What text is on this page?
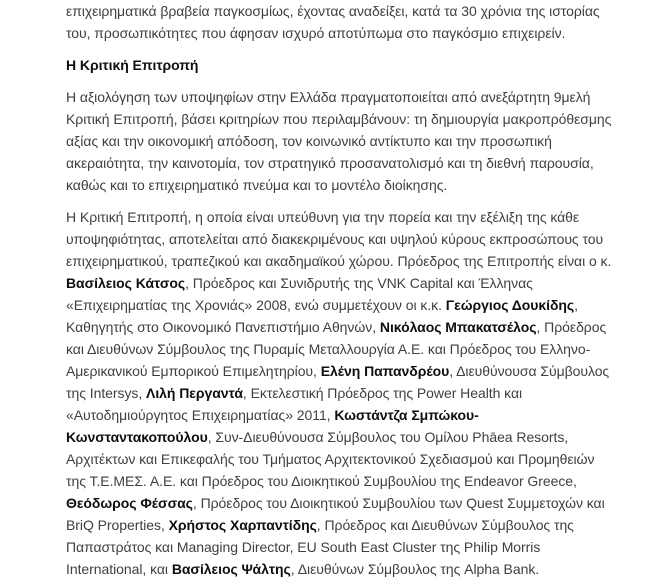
επιχειρηματικά βραβεία παγκοσμίως, έχοντας αναδείξει, κατά τα 30 χρόνια της ιστορίας του, προσωπικότητες που άφησαν ισχυρό αποτύπωμα στο παγκόσμιο επιχειρείν.

Η Κριτική Επιτροπή

Η αξιολόγηση των υποψηφίων στην Ελλάδα πραγματοποιείται από ανεξάρτητη 9μελή Κριτική Επιτροπή, βάσει κριτηρίων που περιλαμβάνουν: τη δημιουργία μακροπρόθεσμης αξίας και την οικονομική απόδοση, τον κοινωνικό αντίκτυπο και την προσωπική ακεραιότητα, την καινοτομία, τον στρατηγικό προσανατολισμό και τη διεθνή παρουσία, καθώς και το επιχειρηματικό πνεύμα και το μοντέλο διοίκησης.

Η Κριτική Επιτροπή, η οποία είναι υπεύθυνη για την πορεία και την εξέλιξη της κάθε υποψηφιότητας, αποτελείται από διακεκριμένους και υψηλού κύρους εκπροσώπους του επιχειρηματικού, τραπεζικού και ακαδημαϊκού χώρου. Πρόεδρος της Επιτροπής είναι ο κ. Βασίλειος Κάτσος, Πρόεδρος και Συνιδρυτής της VNK Capital και Έλληνας «Επιχειρηματίας της Χρονιάς» 2008, ενώ συμμετέχουν οι κ.κ. Γεώργιος Δουκίδης, Καθηγητής στο Οικονομικό Πανεπιστήμιο Αθηνών, Νικόλαος Μπακατσέλος, Πρόεδρος και Διευθύνων Σύμβουλος της Πυραμίς Μεταλλουργία Α.Ε. και Πρόεδρος του Ελληνο-Αμερικανικού Εμπορικού Επιμελητηρίου, Ελένη Παπανδρέου, Διευθύνουσα Σύμβουλος της Intersys, Λιλή Περγαντά, Εκτελεστική Πρόεδρος της Power Health και «Αυτοδημιούργητος Επιχειρηματίας» 2011, Κωστάντζα Σμπώκου-Κωνσταντακοπούλου, Συν-Διευθύνουσα Σύμβουλος του Ομίλου Phāea Resorts, Αρχιτέκτων και Επικεφαλής του Τμήματος Αρχιτεκτονικού Σχεδιασμού και Προμηθειών της Τ.Ε.ΜΕΣ. Α.Ε. και Πρόεδρος του Διοικητικού Συμβουλίου της Endeavor Greece, Θεόδωρος Φέσσας, Πρόεδρος του Διοικητικού Συμβουλίου των Quest Συμμετοχών και BriQ Properties, Χρήστος Χαρπαντίδης, Πρόεδρος και Διευθύνων Σύμβουλος της Παπαστράτος και Managing Director, EU South East Cluster της Philip Morris International, και Βασίλειος Ψάλτης, Διευθύνων Σύμβουλος της Alpha Bank.
